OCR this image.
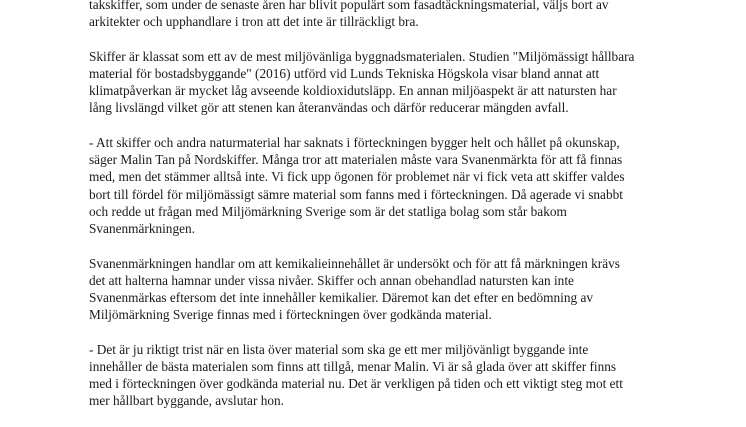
takskiffer, som under de senaste åren har blivit populärt som fasadtäckningsmaterial, väljs bort av
arkitekter och upphandlare i tron att det inte är tillräckligt bra.

Skiffer är klassat som ett av de mest miljövänliga byggnadsmaterialen. Studien "Miljömässigt hållbara
material för bostadsbyggande" (2016) utförd vid Lunds Tekniska Högskola visar bland annat att
klimatpåverkan är mycket låg avseende koldioxidutsläpp. En annan miljöaspekt är att natursten har
lång livslängd vilket gör att stenen kan återanvändas och därför reducerar mängden avfall.

- Att skiffer och andra naturmaterial har saknats i förteckningen bygger helt och hållet på okunskap,
säger Malin Tan på Nordskiffer. Många tror att materialen måste vara Svanenmärkta för att få finnas
med, men det stämmer alltså inte. Vi fick upp ögonen för problemet när vi fick veta att skiffer valdes
bort till fördel för miljömässigt sämre material som fanns med i förteckningen. Då agerade vi snabbt
och redde ut frågan med Miljömärkning Sverige som är det statliga bolag som står bakom
Svanenmärkningen.

Svanenmärkningen handlar om att kemikalieinnehållet är undersökt och för att få märkningen krävs
det att halterna hamnar under vissa nivåer. Skiffer och annan obehandlad natursten kan inte
Svanenmärkas eftersom det inte innehåller kemikalier. Däremot kan det efter en bedömning av
Miljömärkning Sverige finnas med i förteckningen över godkända material.

- Det är ju riktigt trist när en lista över material som ska ge ett mer miljövänligt byggande inte
innehåller de bästa materialen som finns att tillgå, menar Malin. Vi är så glada över att skiffer finns
med i förteckningen över godkända material nu. Det är verkligen på tiden och ett viktigt steg mot ett
mer hållbart byggande, avslutar hon.
